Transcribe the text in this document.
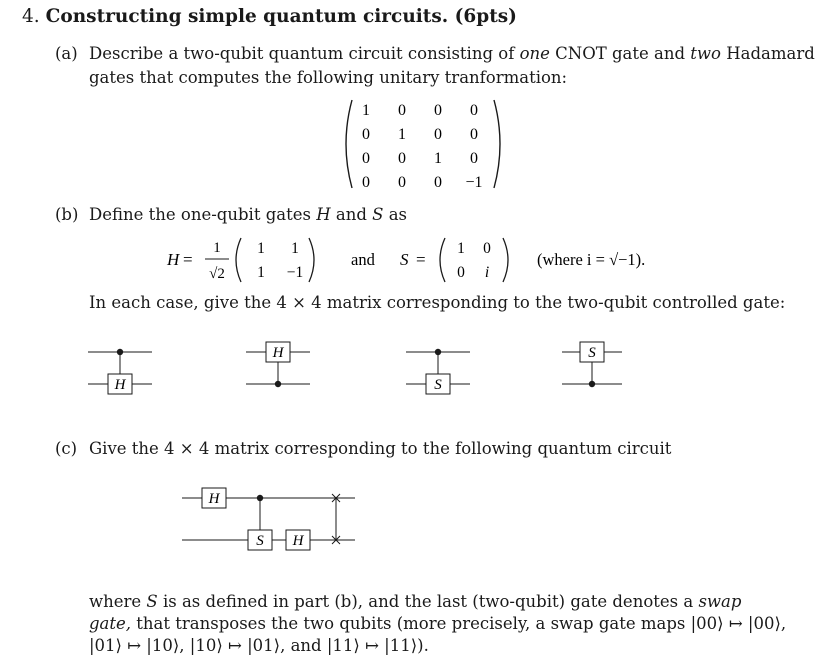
4. Constructing simple quantum circuits. (6pts)
(a) Describe a two-qubit quantum circuit consisting of one CNOT gate and two Hadamard
gates that computes the following unitary tranformation:
1 0 0 0
0 1 0 0
0 0 1 0
0 0 0 −1
(b) Define the one-qubit gates H and S as
H =
1
√2
1 1
1 −1
and S =
1 0
0 i
(where i = √−1).
In each case, give the 4 × 4 matrix corresponding to the two-qubit controlled gate:
H
H
S
S
(c) Give the 4 × 4 matrix corresponding to the following quantum circuit
H
S H
where S is as defined in part (b), and the last (two-qubit) gate denotes a swap
gate, that transposes the two qubits (more precisely, a swap gate maps |00⟩ ↦ |00⟩,
|01⟩ ↦ |10⟩, |10⟩ ↦ |01⟩, and |11⟩ ↦ |11⟩).
